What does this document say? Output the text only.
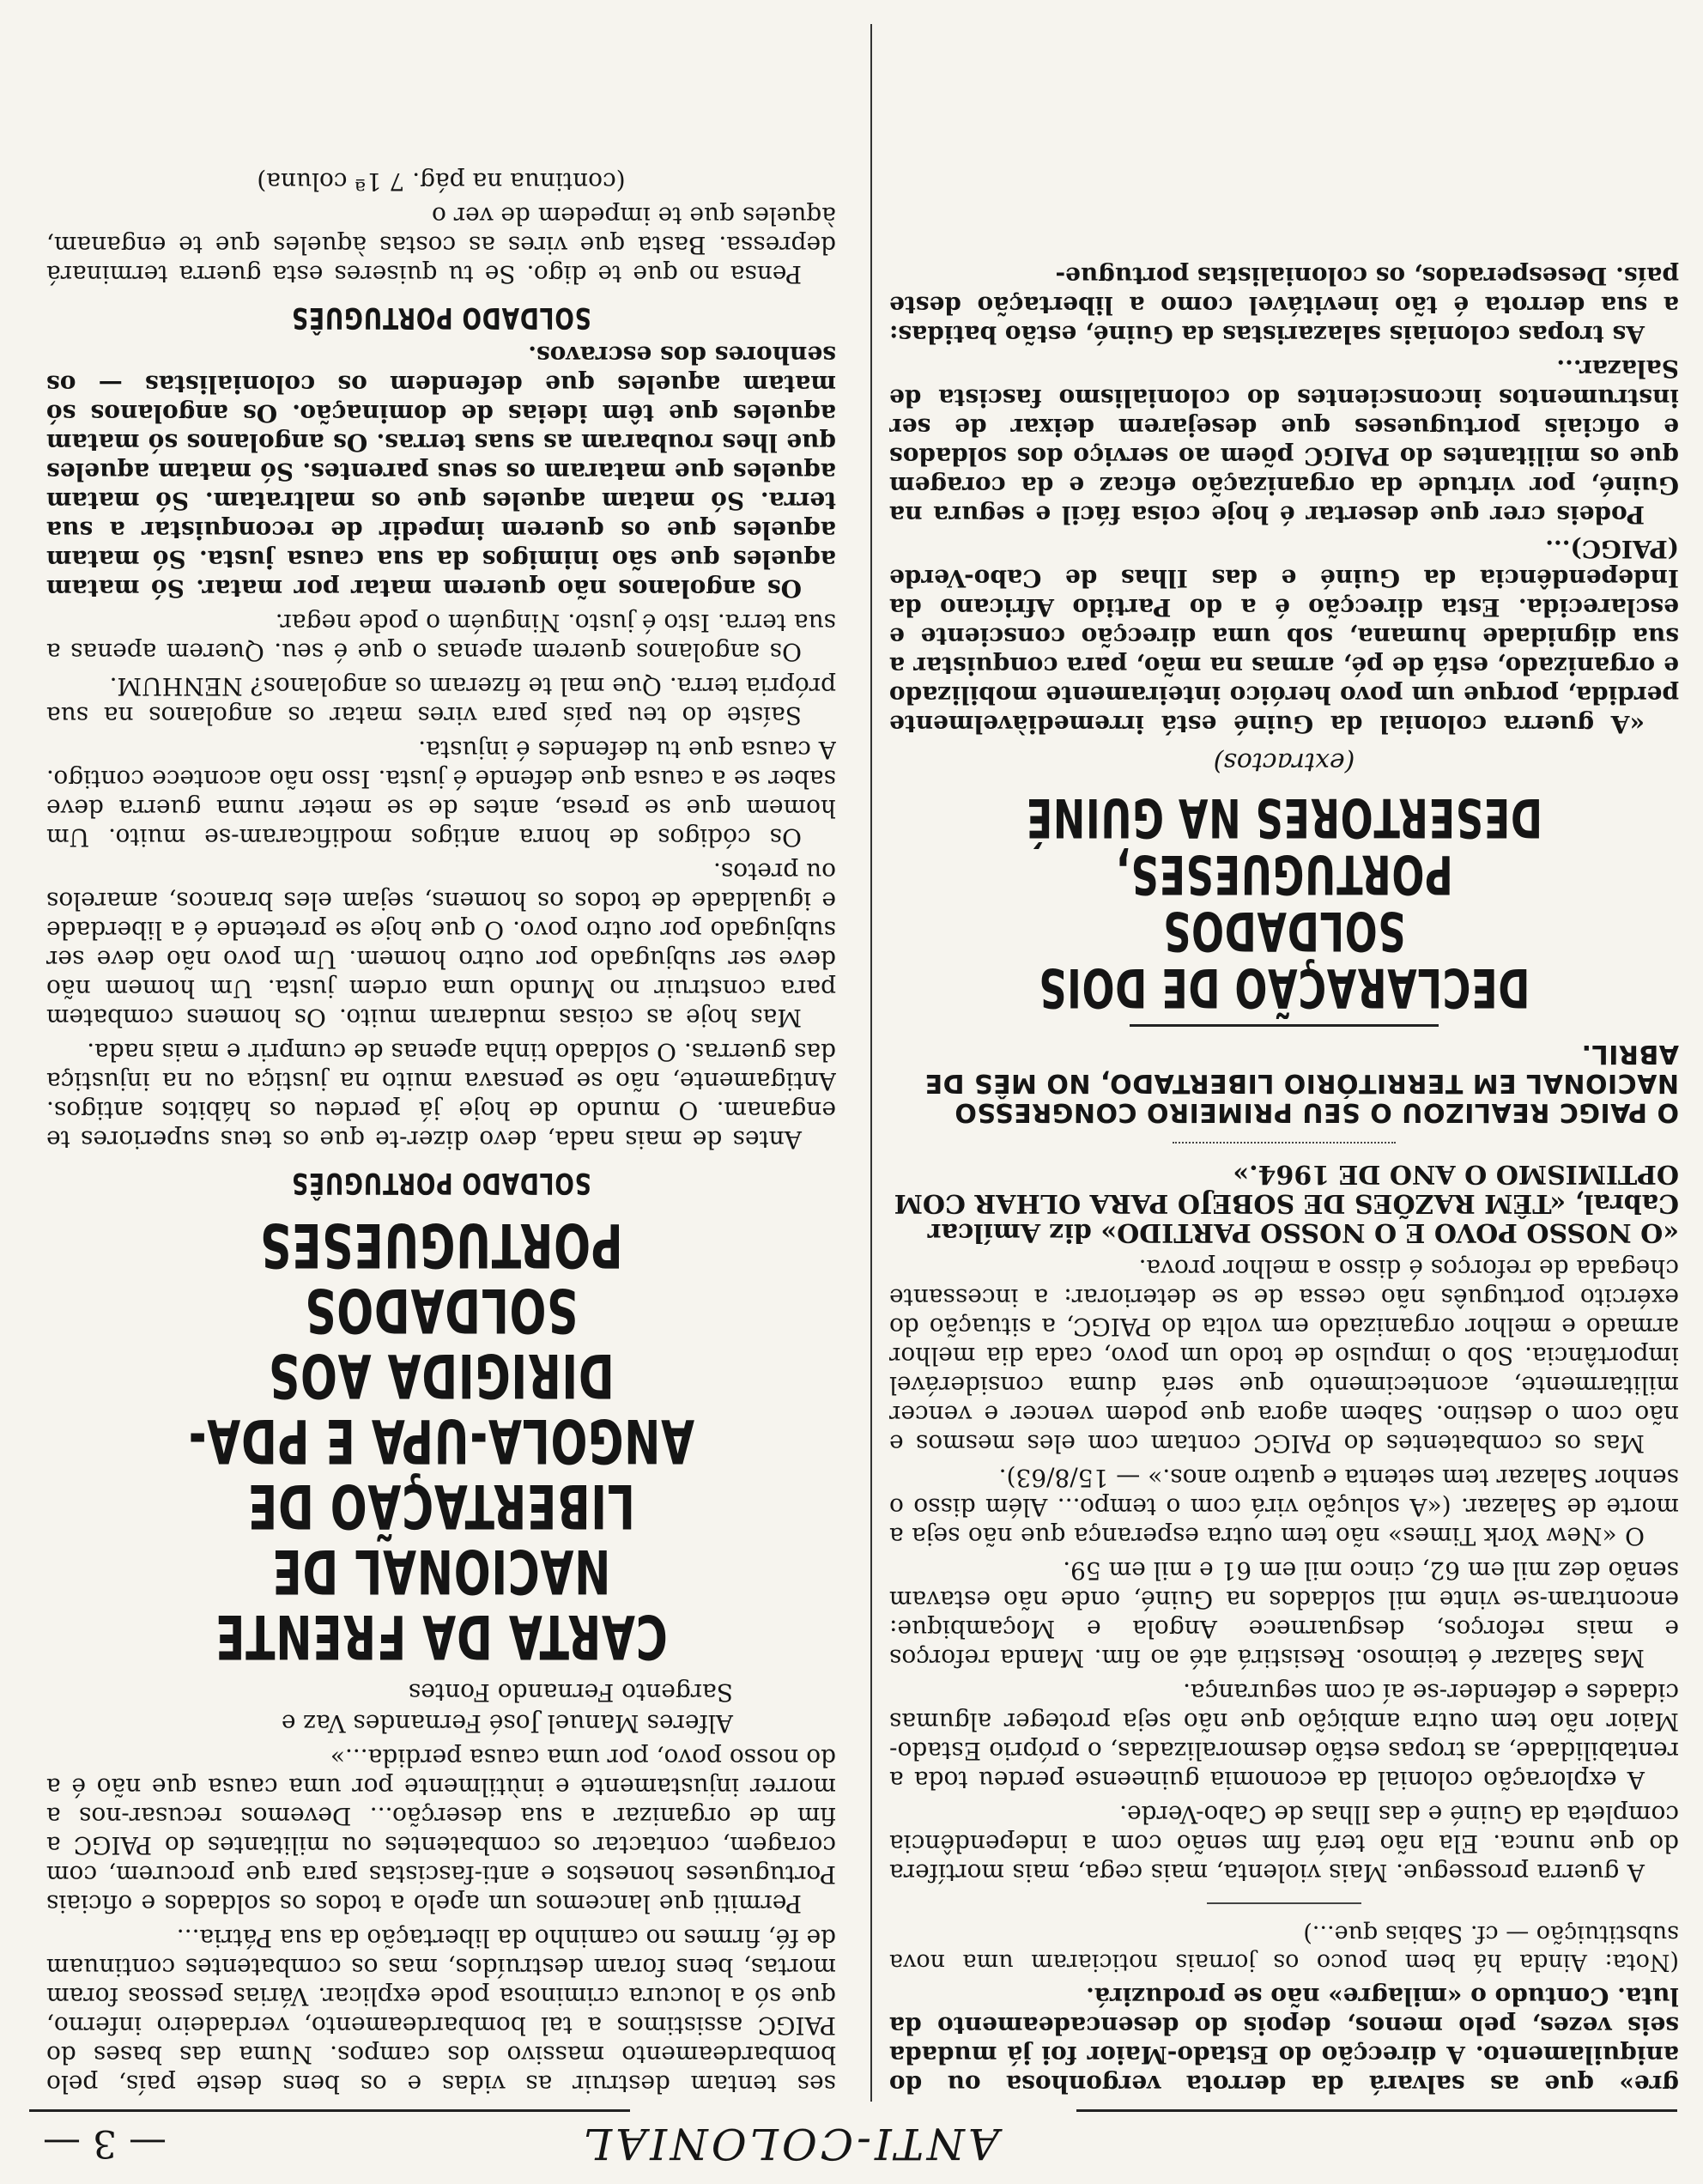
— 3 —	ANTI-COLONIAL

gre» que as salvará da derrota vergonhosa ou do aniquilamento. A direcção do Estado-Maior foi já mudada seis vezes, pelo menos, depois do desencadeamento da luta. Contudo o «milagre» não se produzirá.

(Nota: Ainda há bem pouco os jornais noticiaram uma nova substituição — cf. Sabias que...)

A guerra prossegue. Mais violenta, mais cega, mais mortífera do que nunca. Ela não terá fim senão com a independência completa da Guiné e das Ilhas de Cabo-Verde.

A exploração colonial da economia guineense perdeu toda a rentabilidade, as tropas estão desmoralizadas, o próprio Estado-Maior não tem outra ambição que não seja proteger algumas cidades e defender-se aí com segurança.

Mas Salazar é teimoso. Resistirá até ao fim. Manda reforços e mais reforços, desguarnece Angola e Moçambique: encontram-se vinte mil soldados na Guiné, onde não estavam senão dez mil em 62, cinco mil em 61 e mil em 59.

O «New York Times» não tem outra esperança que não seja a morte de Salazar. («A solução virá com o tempo... Além disso o senhor Salazar tem setenta e quatro anos.» — 15/8/63).

Mas os combatentes do PAIGC contam com eles mesmos e não com o destino. Sabem agora que podem vencer e vencer militarmente, acontecimento que será duma considerável importância. Sob o impulso de todo um povo, cada dia melhor armado e melhor organizado em volta do PAIGC, a situação do exército português não cessa de se deteriorar: a incessante chegada de reforços é disso a melhor prova.

«O NOSSO POVO E O NOSSO PARTIDO» diz Amílcar Cabral, «TÊM RAZÕES DE SOBEJO PARA OLHAR COM OPTIMISMO O ANO DE 1964.»

O PAIGC REALIZOU O SEU PRIMEIRO CONGRESSO NACIONAL EM TERRITÓRIO LIBERTADO, NO MÊS DE ABRIL.

DECLARAÇÃO DE DOIS SOLDADOS PORTUGUESES, DESERTORES NA GUINÉ
(extractos)

«A guerra colonial da Guiné está irremediàvelmente perdida, porque um povo heróico inteiramente mobilizado e organizado, está de pé, armas na mão, para conquistar a sua dignidade humana, sob uma direcção consciente e esclarecida. Esta direcção é a do Partido Africano da Independência da Guiné e das Ilhas de Cabo-Verde (PAIGC)...

Podeis crer que desertar é hoje coisa fácil e segura na Guiné, por virtude da organização eficaz e da coragem que os militantes do PAIGC põem ao serviço dos soldados e oficiais portugueses que desejarem deixar de ser instrumentos inconscientes do colonialismo fascista de Salazar...

As tropas coloniais salazaristas da Guiné, estão batidas: a sua derrota é tão inevitável como a libertação deste país. Desesperados, os colonialistas portugue-

ses tentam destruir as vidas e os bens deste país, pelo bombardeamento massivo dos campos. Numa das bases do PAIGC assistimos a tal bombardeamento, verdadeiro inferno, que só a loucura criminosa pode explicar. Várias pessoas foram mortas, bens foram destruídos, mas os combatentes continuam de fé, firmes no caminho da libertação da sua Pátria...

Permiti que lancemos um apelo a todos os soldados e oficiais Portugueses honestos e anti-fascistas para que procurem, com coragem, contactar os combatentes ou militantes do PAIGC a fim de organizar a sua deserção... Devemos recusar-nos a morrer injustamente e inùtilmente por uma causa que não é a do nosso povo, por uma causa perdida...»

Alferes Manuel José Fernandes Vaz e

Sargento Fernando Fontes

CARTA DA FRENTE NACIONAL DE LIBERTAÇÃO DE ANGOLA-UPA E PDA-DIRIGIDA AOS SOLDADOS PORTUGUESES
SOLDADO PORTUGUÊS

Antes de mais nada, devo dizer-te que os teus superiores te enganam. O mundo de hoje já perdeu os hábitos antigos. Antigamente, não se pensava muito na justiça ou na injustiça das guerras. O soldado tinha apenas de cumprir e mais nada.

Mas hoje as coisas mudaram muito. Os homens combatem para construir no Mundo uma ordem justa. Um homem não deve ser subjugado por outro homem. Um povo não deve ser subjugado por outro povo. O que hoje se pretende é a liberdade e igualdade de todos os homens, sejam eles brancos, amarelos ou pretos.

Os códigos de honra antigos modificaram-se muito. Um homem que se presa, antes de se meter numa guerra deve saber se a causa que defende é justa. Isso não acontece contigo. A causa que tu defendes é injusta.

Saíste do teu país para vires matar os angolanos na sua própria terra. Que mal te fizeram os angolanos? NENHUM.

Os angolanos querem apenas o que é seu. Querem apenas a sua terra. Isto é justo. Ninguém o pode negar.

Os angolanos não querem matar por matar. Só matam aqueles que são inimigos da sua causa justa. Só matam aqueles que os querem impedir de reconquistar a sua terra. Só matam aqueles que os maltratam. Só matam aqueles que mataram os seus parentes. Só matam aqueles que lhes roubaram as suas terras. Os angolanos só matam aqueles que têm ideias de dominação. Os angolanos só matam aqueles que defendem os colonialistas — os senhores dos escravos.

SOLDADO PORTUGUÊS

Pensa no que te digo. Se tu quiseres esta guerra terminará depressa. Basta que vires as costas àqueles que te enganam, àqueles que te impedem de ver o

(continua na pág. 7 1ª coluna)
